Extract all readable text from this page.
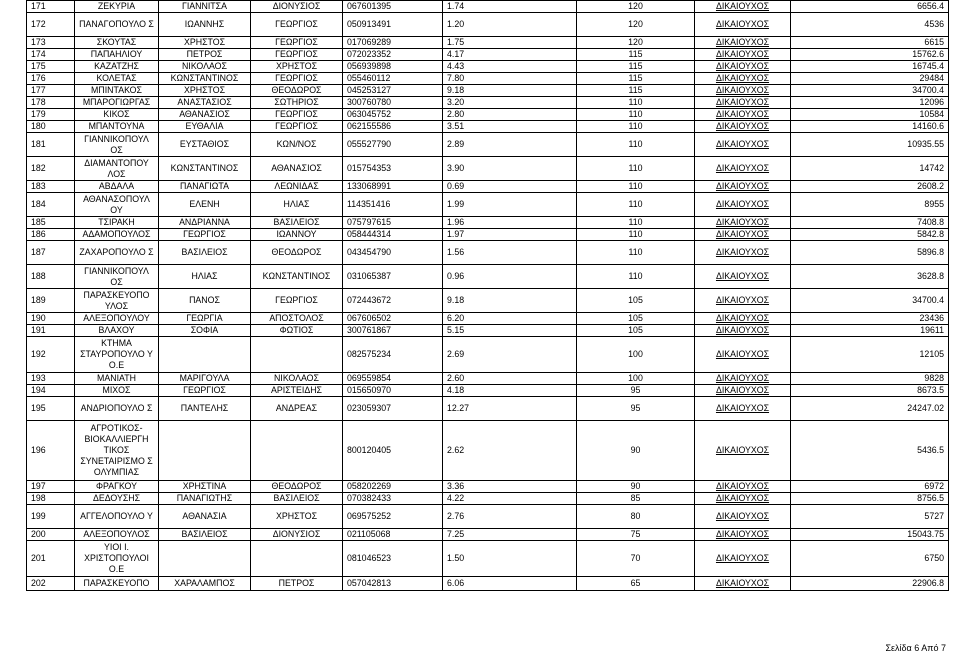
171	ΖΕΚΥΡΙΑ	ΓΙΑΝΝΙΤΣΑ	ΔΙΟΝΥΣΙΟΣ	067601395	1.74	120	ΔΙΚΑΙΟΥΧΟΣ	6656.4
172	ΠΑΝΑΓΟΠΟΥΛΟ Σ	ΙΩΑΝΝΗΣ	ΓΕΩΡΓΙΟΣ	050913491	1.20	120	ΔΙΚΑΙΟΥΧΟΣ	4536
173	ΣΚΟΥΤΑΣ	ΧΡΗΣΤΟΣ	ΓΕΩΡΓΙΟΣ	017069289	1.75	120	ΔΙΚΑΙΟΥΧΟΣ	6615
174	ΠΑΠΑΗΛΙΟΥ	ΠΕΤΡΟΣ	ΓΕΩΡΓΙΟΣ	072023352	4.17	115	ΔΙΚΑΙΟΥΧΟΣ	15762.6
175	ΚΑΖΑΤΖΗΣ	ΝΙΚΟΛΑΟΣ	ΧΡΗΣΤΟΣ	056939898	4.43	115	ΔΙΚΑΙΟΥΧΟΣ	16745.4
176	ΚΟΛΕΤΑΣ	ΚΩΝΣΤΑΝΤΙΝΟΣ	ΓΕΩΡΓΙΟΣ	055460112	7.80	115	ΔΙΚΑΙΟΥΧΟΣ	29484
177	ΜΠΙΝΤΑΚΟΣ	ΧΡΗΣΤΟΣ	ΘΕΟΔΩΡΟΣ	045253127	9.18	115	ΔΙΚΑΙΟΥΧΟΣ	34700.4
178	ΜΠΑΡΟΓΙΩΡΓΑΣ	ΑΝΑΣΤΑΣΙΟΣ	ΣΩΤΗΡΙΟΣ	300760780	3.20	110	ΔΙΚΑΙΟΥΧΟΣ	12096
179	ΚΙΚΟΣ	ΑΘΑΝΑΣΙΟΣ	ΓΕΩΡΓΙΟΣ	063045752	2.80	110	ΔΙΚΑΙΟΥΧΟΣ	10584
180	ΜΠΑΝΤΟΥΝΑ	ΕΥΘΑΛΙΑ	ΓΕΩΡΓΙΟΣ	062155586	3.51	110	ΔΙΚΑΙΟΥΧΟΣ	14160.6
181	ΓΙΑΝΝΙΚΟΠΟΥΛ ΟΣ	ΕΥΣΤΑΘΙΟΣ	ΚΩΝ/ΝΟΣ	055527790	2.89	110	ΔΙΚΑΙΟΥΧΟΣ	10935.55
182	ΔΙΑΜΑΝΤΟΠΟΥ ΛΟΣ	ΚΩΝΣΤΑΝΤΙΝΟΣ	ΑΘΑΝΑΣΙΟΣ	015754353	3.90	110	ΔΙΚΑΙΟΥΧΟΣ	14742
183	ΑΒΔΑΛΑ	ΠΑΝΑΓΙΩΤΑ	ΛΕΩΝΙΔΑΣ	133068991	0.69	110	ΔΙΚΑΙΟΥΧΟΣ	2608.2
184	ΑΘΑΝΑΣΟΠΟΥΛ ΟΥ	ΕΛΕΝΗ	ΗΛΙΑΣ	114351416	1.99	110	ΔΙΚΑΙΟΥΧΟΣ	8955
185	ΤΣΙΡΑΚΗ	ΑΝΔΡΙΑΝΝΑ	ΒΑΣΙΛΕΙΟΣ	075797615	1.96	110	ΔΙΚΑΙΟΥΧΟΣ	7408.8
186	ΑΔΑΜΟΠΟΥΛΟΣ	ΓΕΩΡΓΙΟΣ	ΙΩΑΝΝΟΥ	058444314	1.97	110	ΔΙΚΑΙΟΥΧΟΣ	5842.8
187	ΖΑΧΑΡΟΠΟΥΛΟ Σ	ΒΑΣΙΛΕΙΟΣ	ΘΕΟΔΩΡΟΣ	043454790	1.56	110	ΔΙΚΑΙΟΥΧΟΣ	5896.8
188	ΓΙΑΝΝΙΚΟΠΟΥΛ ΟΣ	ΗΛΙΑΣ	ΚΩΝΣΤΑΝΤΙΝΟΣ	031065387	0.96	110	ΔΙΚΑΙΟΥΧΟΣ	3628.8
189	ΠΑΡΑΣΚΕΥΟΠΟ ΥΛΟΣ	ΠΑΝΟΣ	ΓΕΩΡΓΙΟΣ	072443672	9.18	105	ΔΙΚΑΙΟΥΧΟΣ	34700.4
190	ΑΛΕΞΟΠΟΥΛΟΥ	ΓΕΩΡΓΙΑ	ΑΠΟΣΤΟΛΟΣ	067606502	6.20	105	ΔΙΚΑΙΟΥΧΟΣ	23436
191	ΒΛΑΧΟΥ	ΣΟΦΙΑ	ΦΩΤΙΟΣ	300761867	5.15	105	ΔΙΚΑΙΟΥΧΟΣ	19611
192	ΚΤΗΜΑ ΣΤΑΥΡΟΠΟΥΛΟ Υ Ο.Ε			082575234	2.69	100	ΔΙΚΑΙΟΥΧΟΣ	12105
193	ΜΑΝΙΑΤΗ	ΜΑΡΙΓΟΥΛΑ	ΝΙΚΟΛΑΟΣ	069559854	2.60	100	ΔΙΚΑΙΟΥΧΟΣ	9828
194	ΜΙΧΟΣ	ΓΕΩΡΓΙΟΣ	ΑΡΙΣΤΕΙΔΗΣ	015650970	4.18	95	ΔΙΚΑΙΟΥΧΟΣ	8673.5
195	ΑΝΔΡΙΟΠΟΥΛΟ Σ	ΠΑΝΤΕΛΗΣ	ΑΝΔΡΕΑΣ	023059307	12.27	95	ΔΙΚΑΙΟΥΧΟΣ	24247.02
196	ΑΓΡΟΤΙΚΟΣ- ΒΙΟΚΑΛΛΙΕΡΓΗ ΤΙΚΟΣ ΣΥΝΕΤΑΙΡΙΣΜΟ Σ ΟΛΥΜΠΙΑΣ			800120405	2.62	90	ΔΙΚΑΙΟΥΧΟΣ	5436.5
197	ΦΡΑΓΚΟΥ	ΧΡΗΣΤΙΝΑ	ΘΕΟΔΩΡΟΣ	058202269	3.36	90	ΔΙΚΑΙΟΥΧΟΣ	6972
198	ΔΕΔΟΥΣΗΣ	ΠΑΝΑΓΙΩΤΗΣ	ΒΑΣΙΛΕΙΟΣ	070382433	4.22	85	ΔΙΚΑΙΟΥΧΟΣ	8756.5
199	ΑΓΓΕΛΟΠΟΥΛΟ Υ	ΑΘΑΝΑΣΙΑ	ΧΡΗΣΤΟΣ	069575252	2.76	80	ΔΙΚΑΙΟΥΧΟΣ	5727
200	ΑΛΕΞΟΠΟΥΛΟΣ	ΒΑΣΙΛΕΙΟΣ	ΔΙΟΝΥΣΙΟΣ	021105068	7.25	75	ΔΙΚΑΙΟΥΧΟΣ	15043.75
201	ΥΙΟΙ Ι. ΧΡΙΣΤΟΠΟΥΛΟΙ Ο.Ε			081046523	1.50	70	ΔΙΚΑΙΟΥΧΟΣ	6750
202	ΠΑΡΑΣΚΕΥΟΠΟ	ΧΑΡΑΛΑΜΠΟΣ	ΠΕΤΡΟΣ	057042813	6.06	65	ΔΙΚΑΙΟΥΧΟΣ	22906.8
Σελίδα 6 Από 7
